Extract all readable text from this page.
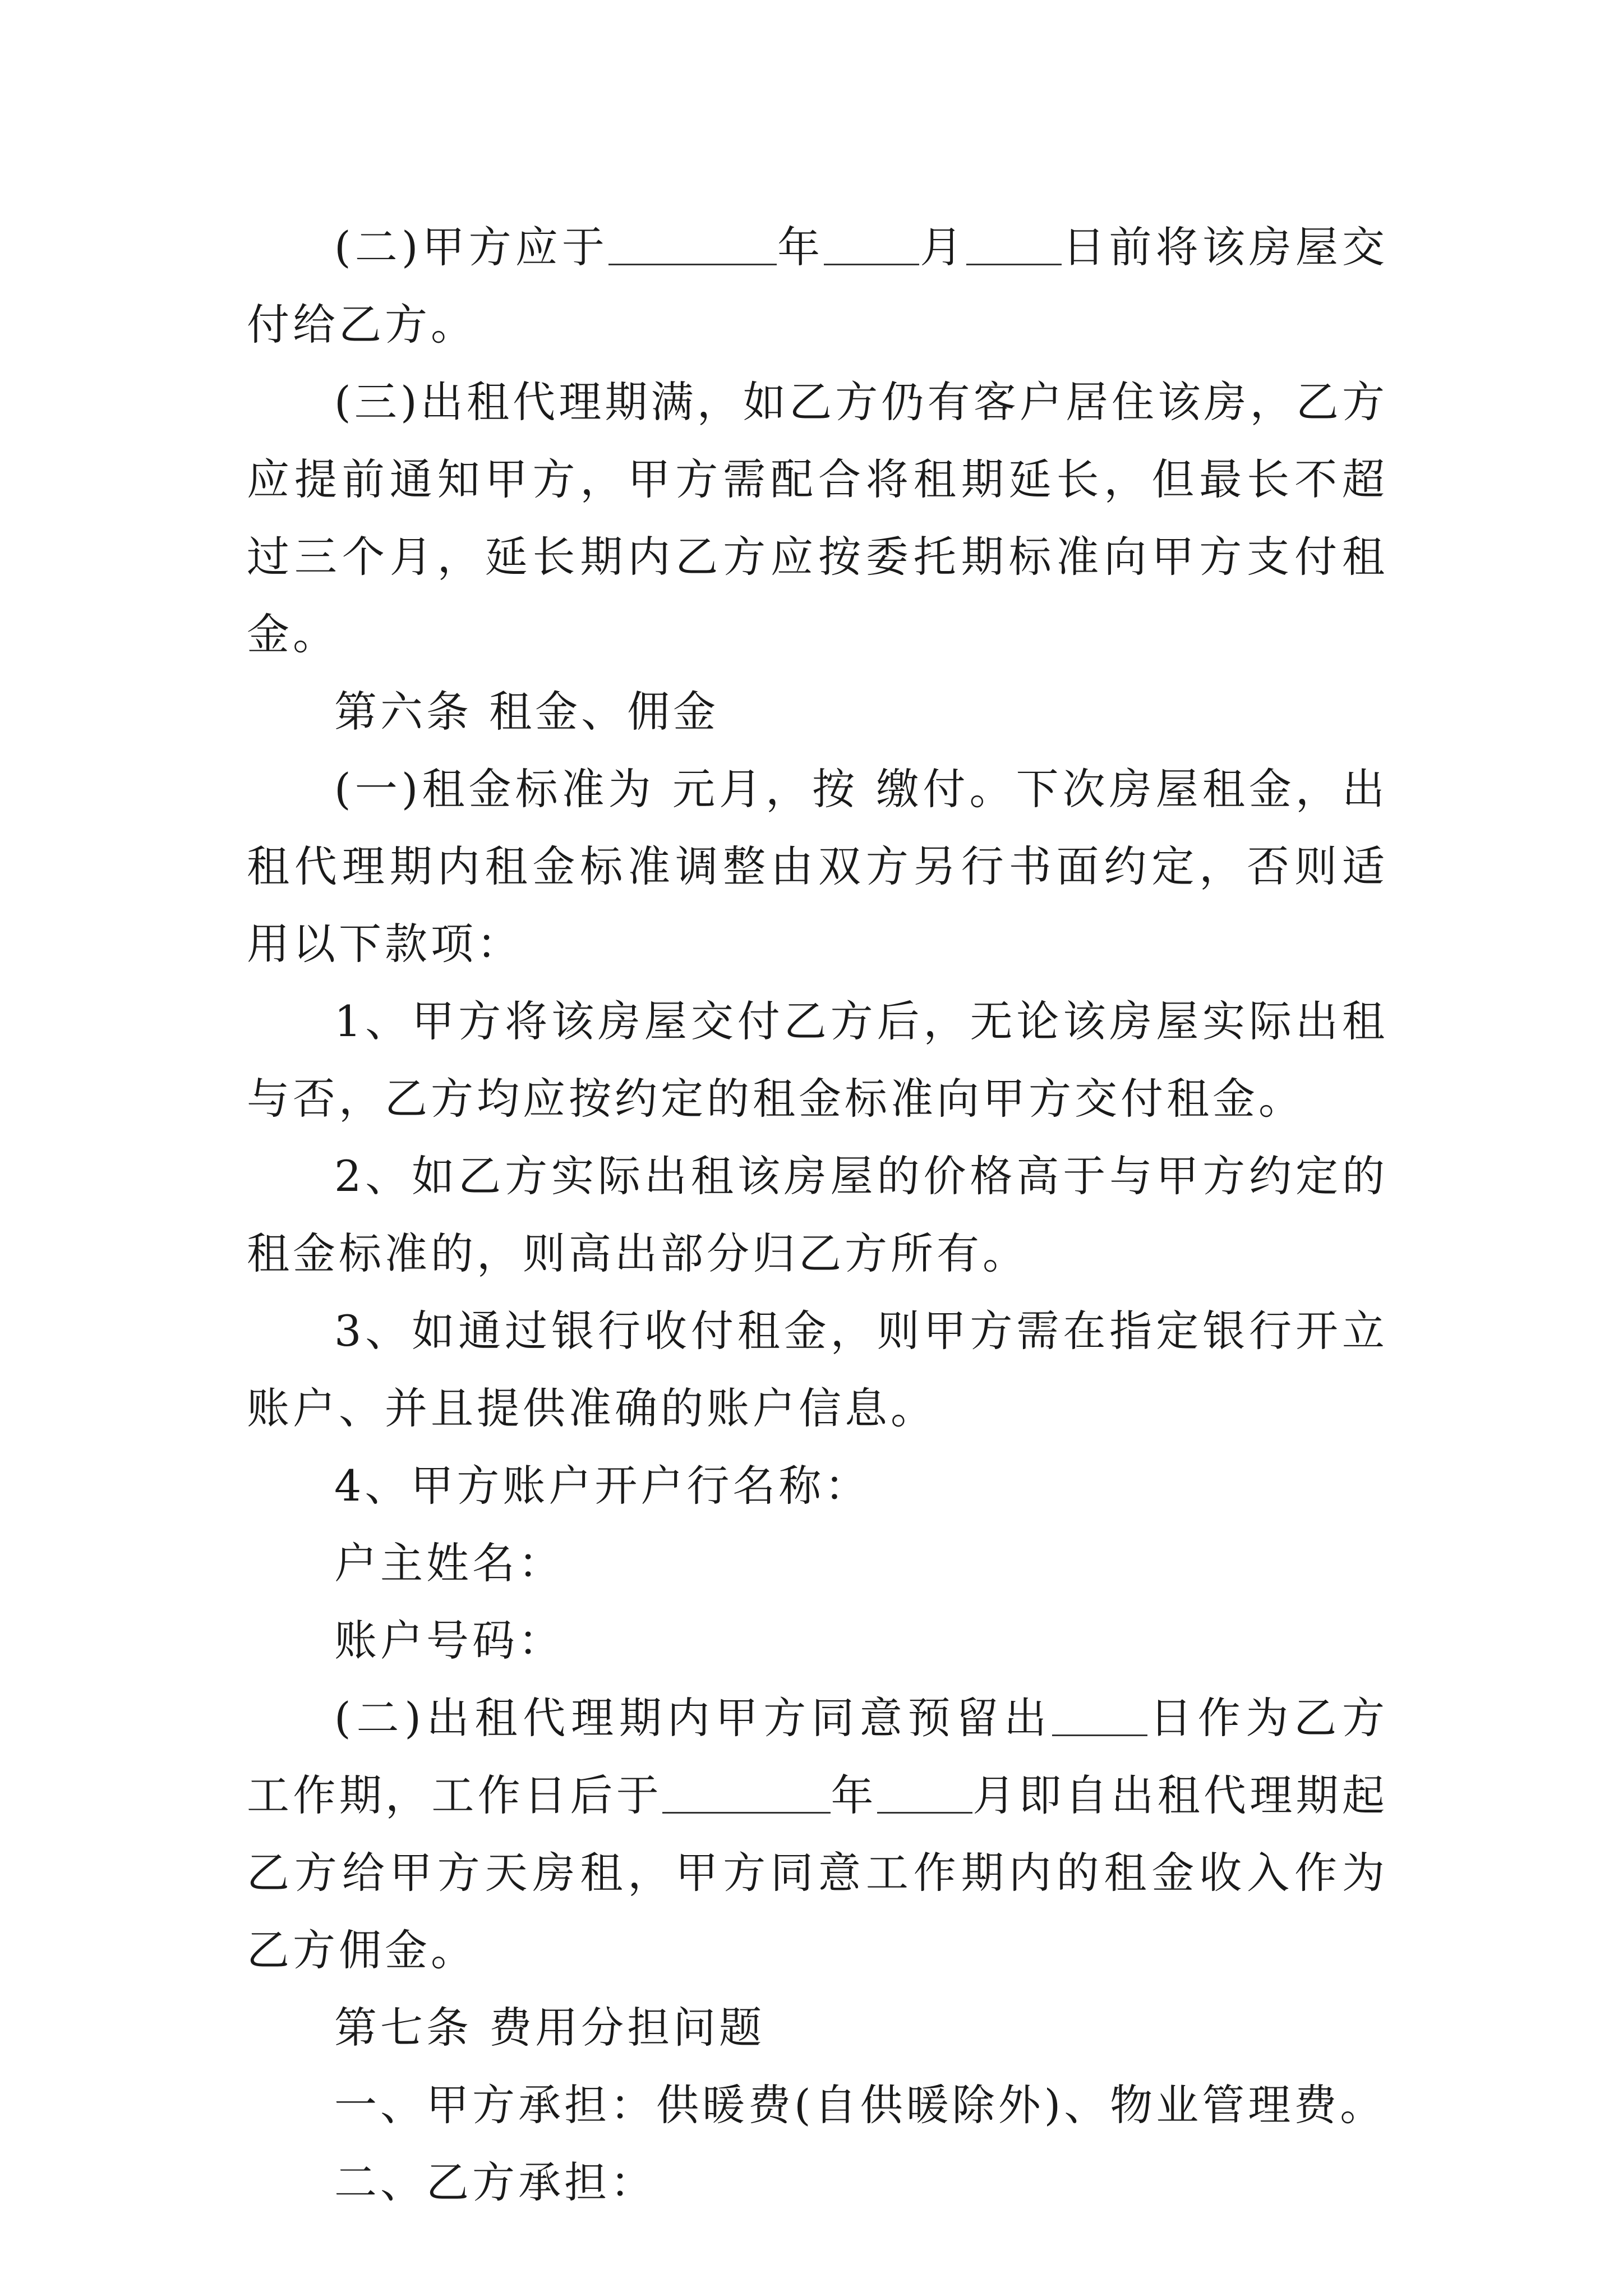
(二)甲方应于	年 月 日前将该房屋交付给乙方。

(三)出租代理期满，如乙方仍有客户居住该房，乙方应提前通知甲方，甲方需配合将租期延长，但最长不超过三个月，延长期内乙方应按委托期标准向甲方支付租金。

第六条 租金、佣金

(一)租金标准为 元月，按 缴付。下次房屋租金，出租代理期内租金标准调整由双方另行书面约定，否则适用以下款项：

1、甲方将该房屋交付乙方后，无论该房屋实际出租与否，乙方均应按约定的租金标准向甲方交付租金。

2、如乙方实际出租该房屋的价格高于与甲方约定的租金标准的，则高出部分归乙方所有。

3、如通过银行收付租金，则甲方需在指定银行开立账户、并且提供准确的账户信息。

4、甲方账户开户行名称：

户主姓名：

账户号码：

(二)出租代理期内甲方同意预留出 日作为乙方工作期，工作日后于	年 月即自出租代理期起乙方给甲方天房租，甲方同意工作期内的租金收入作为乙方佣金。

第七条 费用分担问题

一、甲方承担：供暖费(自供暖除外)、物业管理费。

二、乙方承担：
